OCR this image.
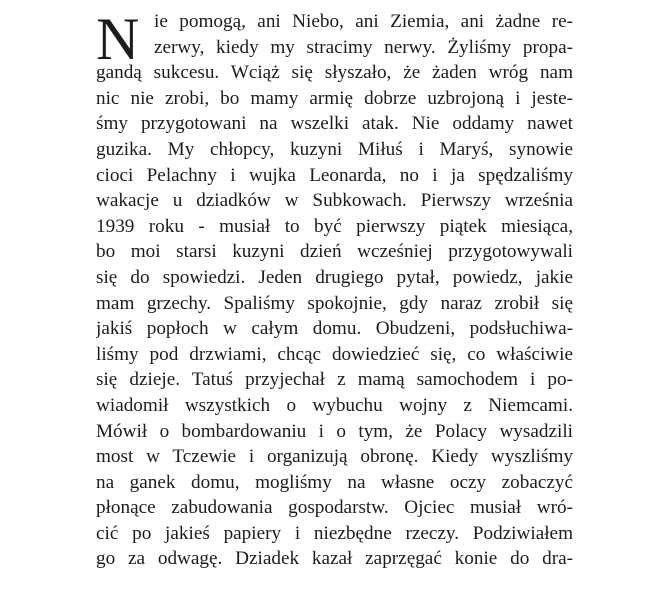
N ie pomogą, ani Niebo, ani Ziemia, ani żadne re-
zerwy, kiedy my stracimy nerwy. Żyliśmy propa-
gandą sukcesu. Wciąż się słyszało, że żaden wróg nam
nic nie zrobi, bo mamy armię dobrze uzbrojoną i jeste-
śmy przygotowani na wszelki atak. Nie oddamy nawet
guzika. My chłopcy, kuzyni Miłuś i Maryś, synowie
cioci Pelachny i wujka Leonarda, no i ja spędzaliśmy
wakacje u dziadków w Subkowach. Pierwszy września
1939 roku - musiał to być pierwszy piątek miesiąca,
bo moi starsi kuzyni dzień wcześniej przygotowywali
się do spowiedzi. Jeden drugiego pytał, powiedz, jakie
mam grzechy. Spaliśmy spokojnie, gdy naraz zrobił się
jakiś popłoch w całym domu. Obudzeni, podsłuchiwa-
liśmy pod drzwiami, chcąc dowiedzieć się, co właściwie
się dzieje. Tatuś przyjechał z mamą samochodem i po-
wiadomił wszystkich o wybuchu wojny z Niemcami.
Mówił o bombardowaniu i o tym, że Polacy wysadzili
most w Tczewie i organizują obronę. Kiedy wyszliśmy
na ganek domu, mogliśmy na własne oczy zobaczyć
płonące zabudowania gospodarstw. Ojciec musiał wró-
cić po jakieś papiery i niezbędne rzeczy. Podziwiałem
go za odwagę. Dziadek kazał zaprzęgać konie do dra-
